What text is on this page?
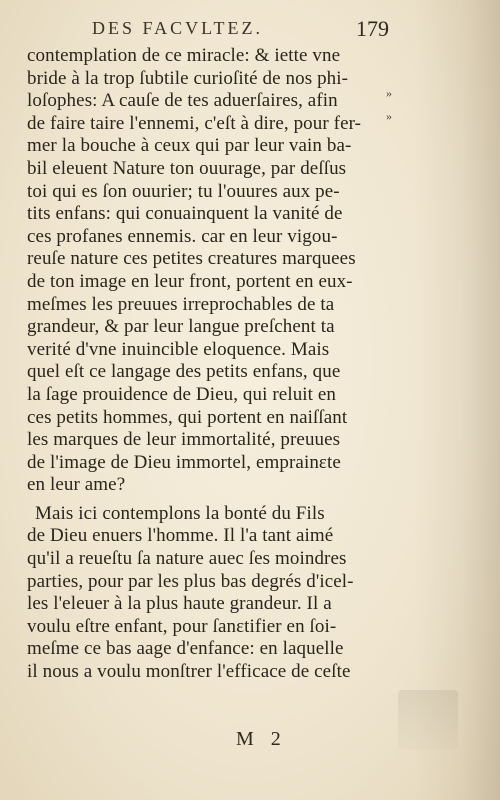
DES FACVLTEZ.	179
»
»
contemplation de ce miracle: & iette vne
bride à la trop ſubtile curioſité de nos phi-
loſophes: A cauſe de tes aduerſaires, afin
de faire taire l'ennemi, c'eſt à dire, pour fer-
mer la bouche à ceux qui par leur vain ba-
bil eleuent Nature ton ouurage, par deſſus
toi qui es ſon ouurier; tu l'ouures aux pe-
tits enfans: qui conuainquent la vanité de
ces profanes ennemis. car en leur vigou-
reuſe nature ces petites creatures marquees
de ton image en leur front, portent en eux-
meſmes les preuues irreprochables de ta
grandeur, & par leur langue preſchent ta
verité d'vne inuincible eloquence. Mais
quel eſt ce langage des petits enfans, que
la ſage prouidence de Dieu, qui reluit en
ces petits hommes, qui portent en naiſſant
les marques de leur immortalité, preuues
de l'image de Dieu immortel, emprainɛte
en leur ame?
Mais ici contemplons la bonté du Fils
de Dieu enuers l'homme. Il l'a tant aimé
qu'il a reueſtu ſa nature auec ſes moindres
parties, pour par les plus bas degrés d'icel-
les l'eleuer à la plus haute grandeur. Il a
voulu eſtre enfant, pour ſanɛtifier en ſoi-
meſme ce bas aage d'enfance: en laquelle
il nous a voulu monſtrer l'efficace de ceſte
M 2
